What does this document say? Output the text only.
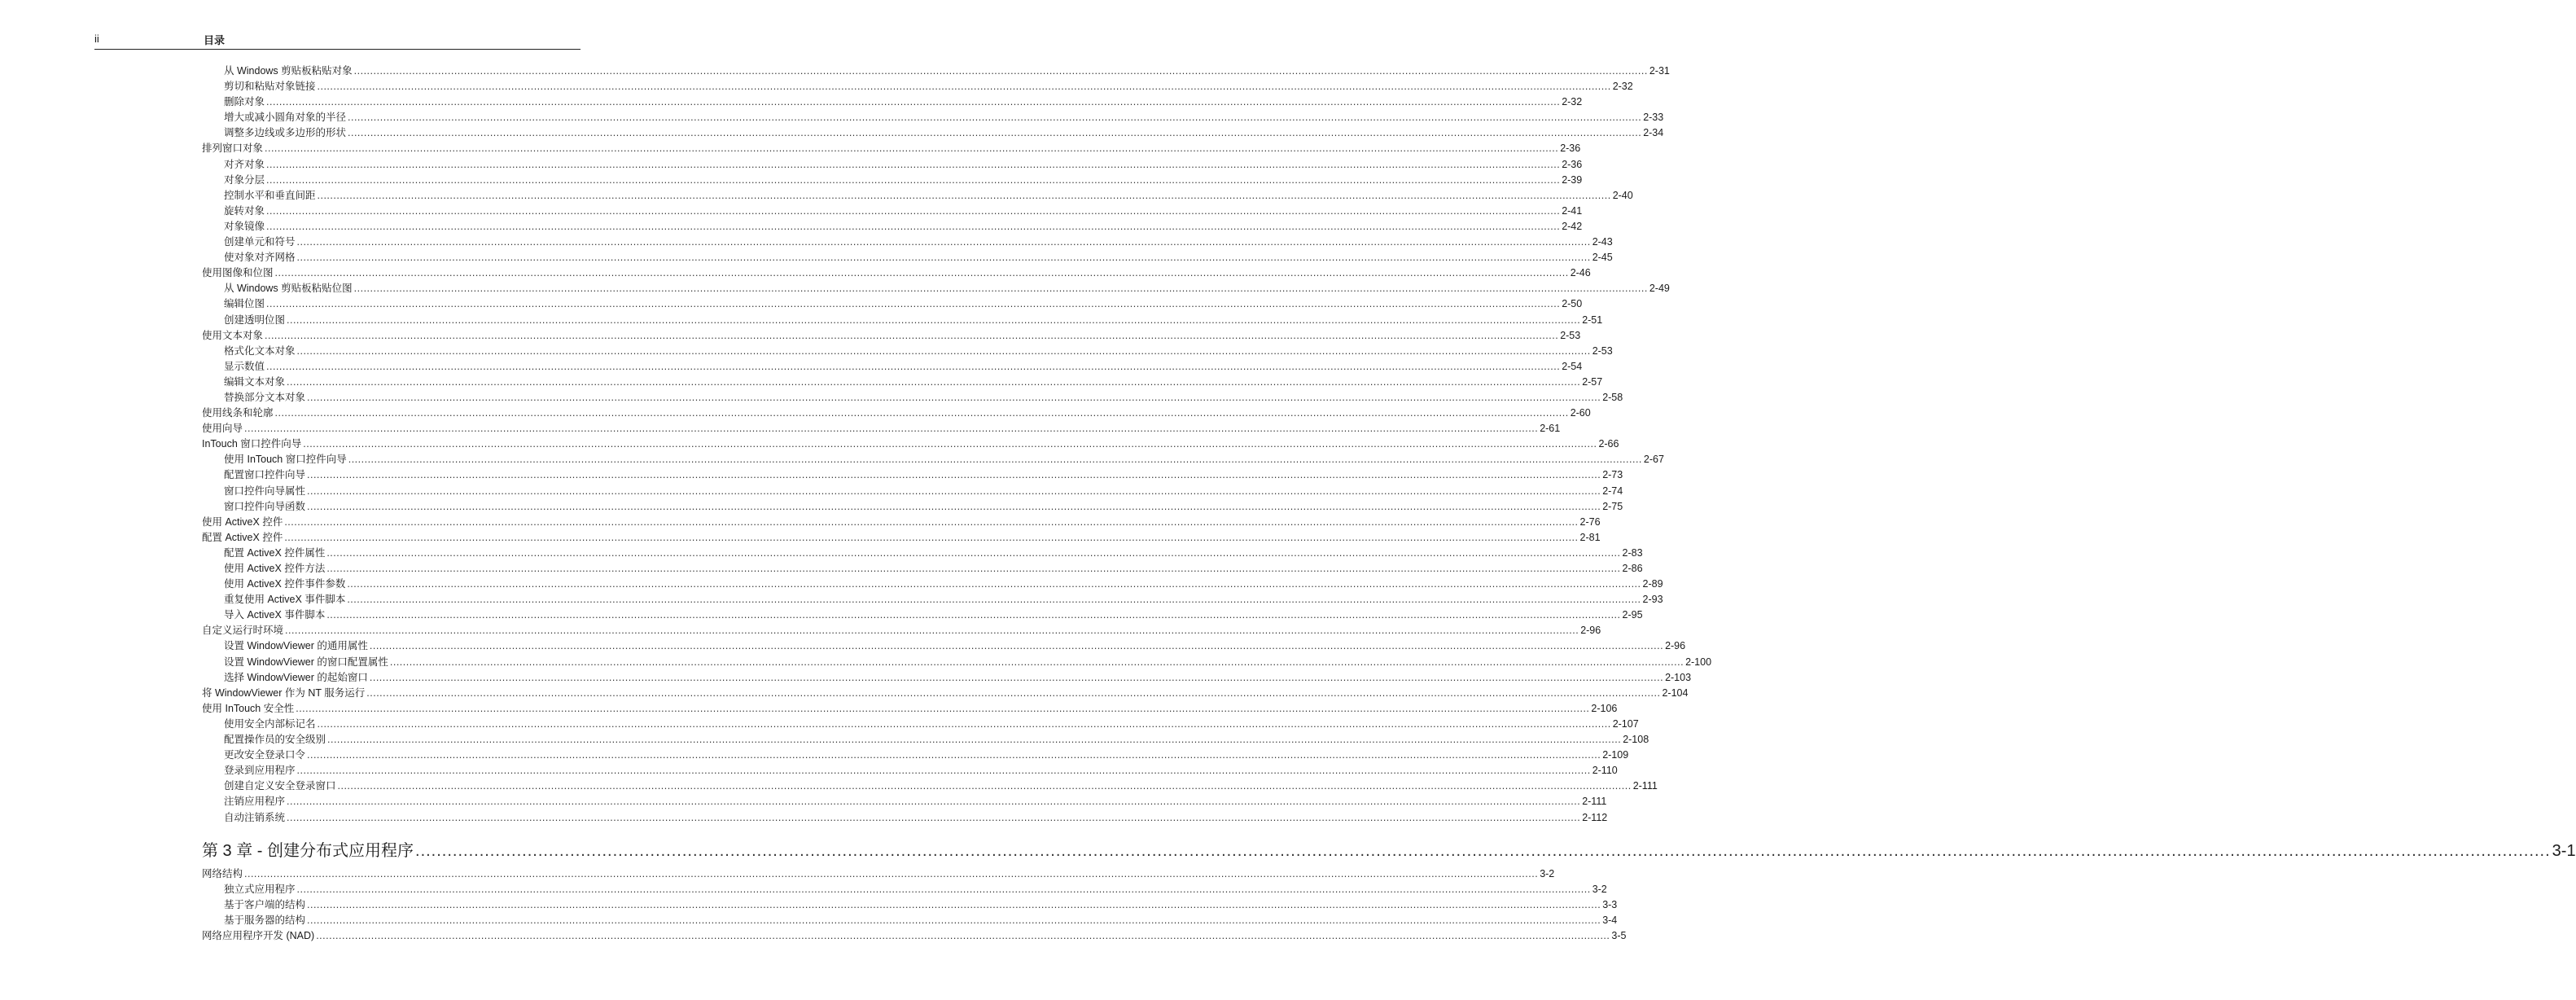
ii	目录
从 Windows 剪贴板粘贴对象 ................................................................................................................................................................................................................................................................................................................................................................................................................ 2-31
剪切和粘贴对象链接 ................................................................................................................................................................................................................................................................................................................................................................................................................ 2-32
删除对象 ................................................................................................................................................................................................................................................................................................................................................................................................................ 2-32
增大或减小圆角对象的半径 ................................................................................................................................................................................................................................................................................................................................................................................................................ 2-33
调整多边线或多边形的形状 ................................................................................................................................................................................................................................................................................................................................................................................................................ 2-34
排列窗口对象 ................................................................................................................................................................................................................................................................................................................................................................................................................ 2-36
对齐对象 ................................................................................................................................................................................................................................................................................................................................................................................................................ 2-36
对象分层 ................................................................................................................................................................................................................................................................................................................................................................................................................ 2-39
控制水平和垂直间距 ................................................................................................................................................................................................................................................................................................................................................................................................................ 2-40
旋转对象 ................................................................................................................................................................................................................................................................................................................................................................................................................ 2-41
对象镜像 ................................................................................................................................................................................................................................................................................................................................................................................................................ 2-42
创建单元和符号 ................................................................................................................................................................................................................................................................................................................................................................................................................ 2-43
使对象对齐网格 ................................................................................................................................................................................................................................................................................................................................................................................................................ 2-45
使用图像和位图 ................................................................................................................................................................................................................................................................................................................................................................................................................ 2-46
从 Windows 剪贴板粘贴位图 ................................................................................................................................................................................................................................................................................................................................................................................................................ 2-49
编辑位图 ................................................................................................................................................................................................................................................................................................................................................................................................................ 2-50
创建透明位图 ................................................................................................................................................................................................................................................................................................................................................................................................................ 2-51
使用文本对象 ................................................................................................................................................................................................................................................................................................................................................................................................................ 2-53
格式化文本对象 ................................................................................................................................................................................................................................................................................................................................................................................................................ 2-53
显示数值 ................................................................................................................................................................................................................................................................................................................................................................................................................ 2-54
编辑文本对象 ................................................................................................................................................................................................................................................................................................................................................................................................................ 2-57
替换部分文本对象 ................................................................................................................................................................................................................................................................................................................................................................................................................ 2-58
使用线条和轮廓 ................................................................................................................................................................................................................................................................................................................................................................................................................ 2-60
使用向导 ................................................................................................................................................................................................................................................................................................................................................................................................................ 2-61
InTouch 窗口控件向导 ................................................................................................................................................................................................................................................................................................................................................................................................................ 2-66
使用 InTouch 窗口控件向导 ................................................................................................................................................................................................................................................................................................................................................................................................................ 2-67
配置窗口控件向导 ................................................................................................................................................................................................................................................................................................................................................................................................................ 2-73
窗口控件向导属性 ................................................................................................................................................................................................................................................................................................................................................................................................................ 2-74
窗口控件向导函数 ................................................................................................................................................................................................................................................................................................................................................................................................................ 2-75
使用 ActiveX 控件 ................................................................................................................................................................................................................................................................................................................................................................................................................ 2-76
配置 ActiveX 控件 ................................................................................................................................................................................................................................................................................................................................................................................................................ 2-81
配置 ActiveX 控件属性 ................................................................................................................................................................................................................................................................................................................................................................................................................ 2-83
使用 ActiveX 控件方法 ................................................................................................................................................................................................................................................................................................................................................................................................................ 2-86
使用 ActiveX 控件事件参数 ................................................................................................................................................................................................................................................................................................................................................................................................................ 2-89
重复使用 ActiveX 事件脚本 ................................................................................................................................................................................................................................................................................................................................................................................................................ 2-93
导入 ActiveX 事件脚本 ................................................................................................................................................................................................................................................................................................................................................................................................................ 2-95
自定义运行时环境 ................................................................................................................................................................................................................................................................................................................................................................................................................ 2-96
设置 WindowViewer 的通用属性 ................................................................................................................................................................................................................................................................................................................................................................................................................ 2-96
设置 WindowViewer 的窗口配置属性 ................................................................................................................................................................................................................................................................................................................................................................................................................ 2-100
选择 WindowViewer 的起始窗口 ................................................................................................................................................................................................................................................................................................................................................................................................................ 2-103
将 WindowViewer 作为 NT 服务运行 ................................................................................................................................................................................................................................................................................................................................................................................................................ 2-104
使用 InTouch 安全性 ................................................................................................................................................................................................................................................................................................................................................................................................................ 2-106
使用安全内部标记名 ................................................................................................................................................................................................................................................................................................................................................................................................................ 2-107
配置操作员的安全级别 ................................................................................................................................................................................................................................................................................................................................................................................................................ 2-108
更改安全登录口令 ................................................................................................................................................................................................................................................................................................................................................................................................................ 2-109
登录到应用程序 ................................................................................................................................................................................................................................................................................................................................................................................................................ 2-110
创建自定义安全登录窗口 ................................................................................................................................................................................................................................................................................................................................................................................................................ 2-111
注销应用程序 ................................................................................................................................................................................................................................................................................................................................................................................................................ 2-111
自动注销系统 ................................................................................................................................................................................................................................................................................................................................................................................................................ 2-112
第 3 章 - 创建分布式应用程序 ................................................................................................................................................................................................................................................................................................................................................................................................................ 3-1
网络结构 ................................................................................................................................................................................................................................................................................................................................................................................................................ 3-2
独立式应用程序 ................................................................................................................................................................................................................................................................................................................................................................................................................ 3-2
基于客户端的结构 ................................................................................................................................................................................................................................................................................................................................................................................................................ 3-3
基于服务器的结构 ................................................................................................................................................................................................................................................................................................................................................................................................................ 3-4
网络应用程序开发 (NAD) ................................................................................................................................................................................................................................................................................................................................................................................................................ 3-5
